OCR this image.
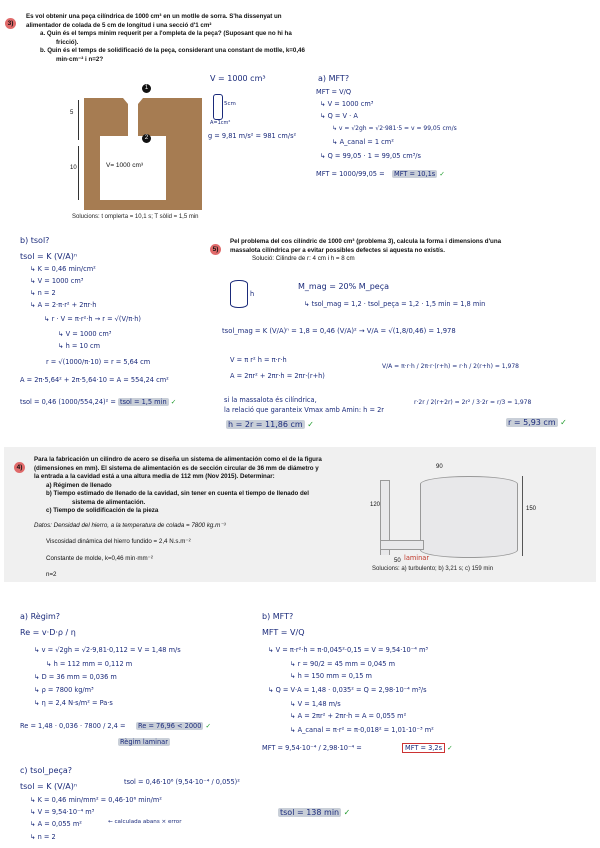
3)

Es vol obtenir una peça cilíndrica de 1000 cm³ en un motlle de sorra. S'ha dissenyat un

alimentador de colada de 5 cm de longitud i una secció d'1 cm²

a. Quin és el temps mínim requerit per a l'ompleta de la peça? (Suposant que no hi ha

fricció).

b. Quin és el temps de solidificació de la peça, considerant una constant de motlle, k=0,46

min·cm⁻² i n=2?

V= 1000 cm³
1
2
5
10
Solucions: t omplerta = 10,1 s; T sòlid = 1,5 min
5cm
A=1cm²
V = 1000 cm³	a) MFT?
MFT = V/Q
↳ V = 1000 cm³
↳ Q = V · A
↳ v = √2gh = √2·981·5 = v = 99,05 cm/s
↳ A_canal = 1 cm²
g = 9,81 m/s² = 981 cm/s²
↳ Q = 99,05 · 1 = 99,05 cm³/s
MFT = 1000/99,05 =	MFT = 10,1s ✓
b) tsol?
tsol = K (V/A)ⁿ
↳ K = 0,46 min/cm²
↳ V = 1000 cm³
↳ n = 2
↳ A = 2·π·r² + 2πr·h
↳ r · V = π·r²·h → r = √(V/π·h)
↳ V = 1000 cm³
↳ h = 10 cm
r = √(1000/π·10) = r = 5,64 cm
A = 2π·5,64² + 2π·5,64·10 = A = 554,24 cm²
tsol = 0,46 (1000/554,24)² = tsol = 1,5 min ✓
5)

Pel problema del cos cilíndric de 1000 cm³ (problema 3), calcula la forma i dimensions d'una

massalota cilíndrica per a evitar possibles defectes si aquesta no existís.

Solució: Cilindre de r: 4 cm i h = 8 cm

h
M_mag = 20% M_peça
↳ tsol_mag = 1,2 · tsol_peça = 1,2 · 1,5 min = 1,8 min
tsol_mag = K (V/A)ⁿ = 1,8 = 0,46 (V/A)² → V/A = √(1,8/0,46) = 1,978
V = π r² h = π·r·h
A = 2πr² + 2πr·h = 2πr·(r+h)
V/A = π·r·h / 2π·r·(r+h) = r·h / 2(r+h) = 1,978
si la massalota és cilíndrica,
la relació que garanteix Vmax amb Amin: h = 2r
r·2r / 2(r+2r) = 2r² / 3·2r = r/3 = 1,978
h = 2r = 11,86 cm ✓	r = 5,93 cm ✓
4)

Para la fabricación un cilindro de acero se diseña un sistema de alimentación como el de la figura

(dimensiones en mm). El sistema de alimentación es de sección circular de 36 mm de diámetro y

la entrada a la cavidad está a una altura media de 112 mm (Nov 2015). Determinar:

a) Régimen de llenado

b) Tiempo estimado de llenado de la cavidad, sin tener en cuenta el tiempo de llenado del

sistema de alimentación.

c) Tiempo de solidificación de la pieza

Datos: Densidad del hierro, a la temperatura de colada = 7800 kg.m⁻³

Viscosidad dinámica del hierro fundido = 2,4 N.s.m⁻²

Constante de molde, k=0,46 min·mm⁻²

n=2

90
120
150
50 laminar
Solucions: a) turbulento; b) 3,21 s; c) 159 min
a) Règim?
Re = v·D·ρ / η
↳ v = √2gh = √2·9,81·0,112 = V = 1,48 m/s
↳ h = 112 mm = 0,112 m
↳ D = 36 mm = 0,036 m
↳ ρ = 7800 kg/m³
↳ η = 2,4 N·s/m² = Pa·s
Re = 1,48 · 0,036 · 7800 / 2,4 =	Re = 76,96 < 2000 ✓
Règim laminar
b) MFT?
MFT = V/Q
↳ V = π·r²·h = π·0,045²·0,15 = V = 9,54·10⁻⁴ m³
↳ r = 90/2 = 45 mm = 0,045 m
↳ h = 150 mm = 0,15 m
↳ Q = V·A = 1,48 · 0,035² = Q = 2,98·10⁻⁴ m³/s
↳ V = 1,48 m/s
↳ A = 2πr² + 2πr·h = A = 0,055 m²
↳ A_canal = π·r² = π·0,018² = 1,01·10⁻³ m²
MFT = 9,54·10⁻⁴ / 2,98·10⁻⁴ =	MFT = 3,2s ✓
c) tsol_peça?
tsol = K (V/A)ⁿ
↳ K = 0,46 min/mm² = 0,46·10⁶ min/m²
↳ V = 9,54·10⁻⁴ m³
↳ A = 0,055 m²
↳ n = 2
← calculada abans × error
tsol = 0,46·10⁶ (9,54·10⁻⁴ / 0,055)²
tsol = 138 min ✓
